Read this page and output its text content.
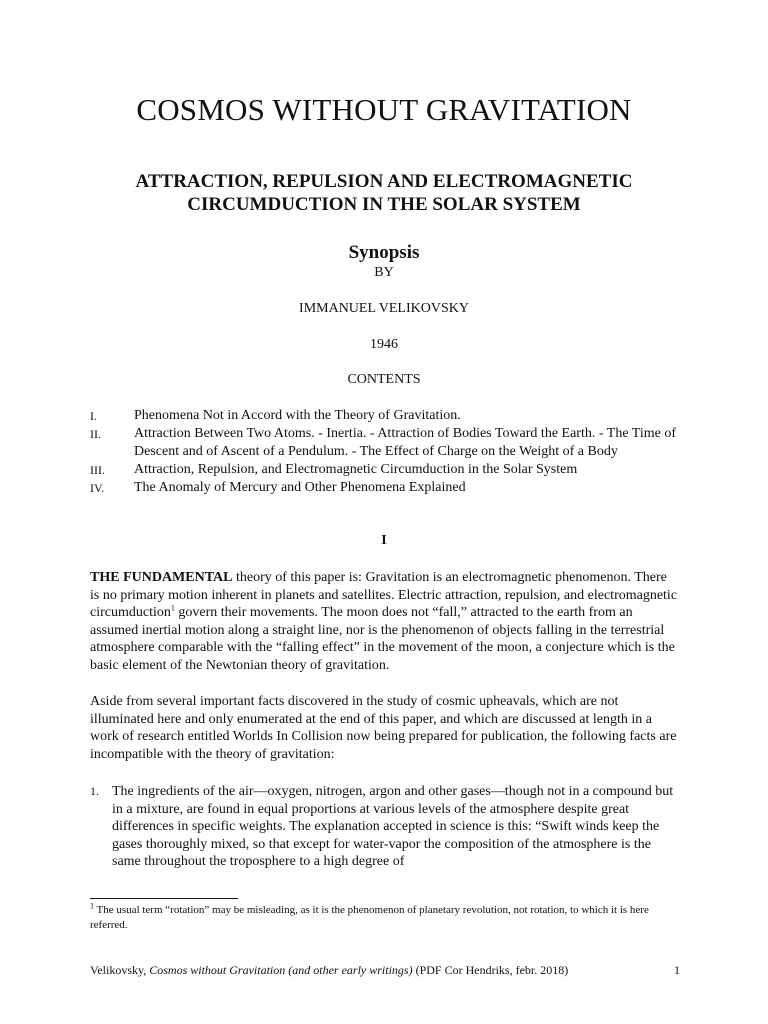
COSMOS WITHOUT GRAVITATION
ATTRACTION, REPULSION AND ELECTROMAGNETIC
CIRCUMDUCTION IN THE SOLAR SYSTEM
Synopsis
BY
IMMANUEL VELIKOVSKY
1946
CONTENTS
I.	Phenomena Not in Accord with the Theory of Gravitation.
II.	Attraction Between Two Atoms. - Inertia. - Attraction of Bodies Toward the Earth. - The Time of Descent and of Ascent of a Pendulum. - The Effect of Charge on the Weight of a Body
III.	Attraction, Repulsion, and Electromagnetic Circumduction in the Solar System
IV.	The Anomaly of Mercury and Other Phenomena Explained
I
THE FUNDAMENTAL theory of this paper is: Gravitation is an electromagnetic phenomenon. There is no primary motion inherent in planets and satellites. Electric attraction, repulsion, and electromagnetic circumduction$^1$ govern their movements. The moon does not “fall,” attracted to the earth from an assumed inertial motion along a straight line, nor is the phenomenon of objects falling in the terrestrial atmosphere comparable with the “falling effect” in the movement of the moon, a conjecture which is the basic element of the Newtonian theory of gravitation.
Aside from several important facts discovered in the study of cosmic upheavals, which are not illuminated here and only enumerated at the end of this paper, and which are discussed at length in a work of research entitled Worlds In Collision now being prepared for publication, the following facts are incompatible with the theory of gravitation:
1. The ingredients of the air—oxygen, nitrogen, argon and other gases—though not in a compound but in a mixture, are found in equal proportions at various levels of the atmosphere despite great differences in specific weights. The explanation accepted in science is this: “Swift winds keep the gases thoroughly mixed, so that except for water-vapor the composition of the atmosphere is the same throughout the troposphere to a high degree of
$^1$ The usual term “rotation” may be misleading, as it is the phenomenon of planetary revolution, not rotation, to which it is here referred.
Velikovsky, Cosmos without Gravitation (and other early writings) (PDF Cor Hendriks, febr. 2018)	1
